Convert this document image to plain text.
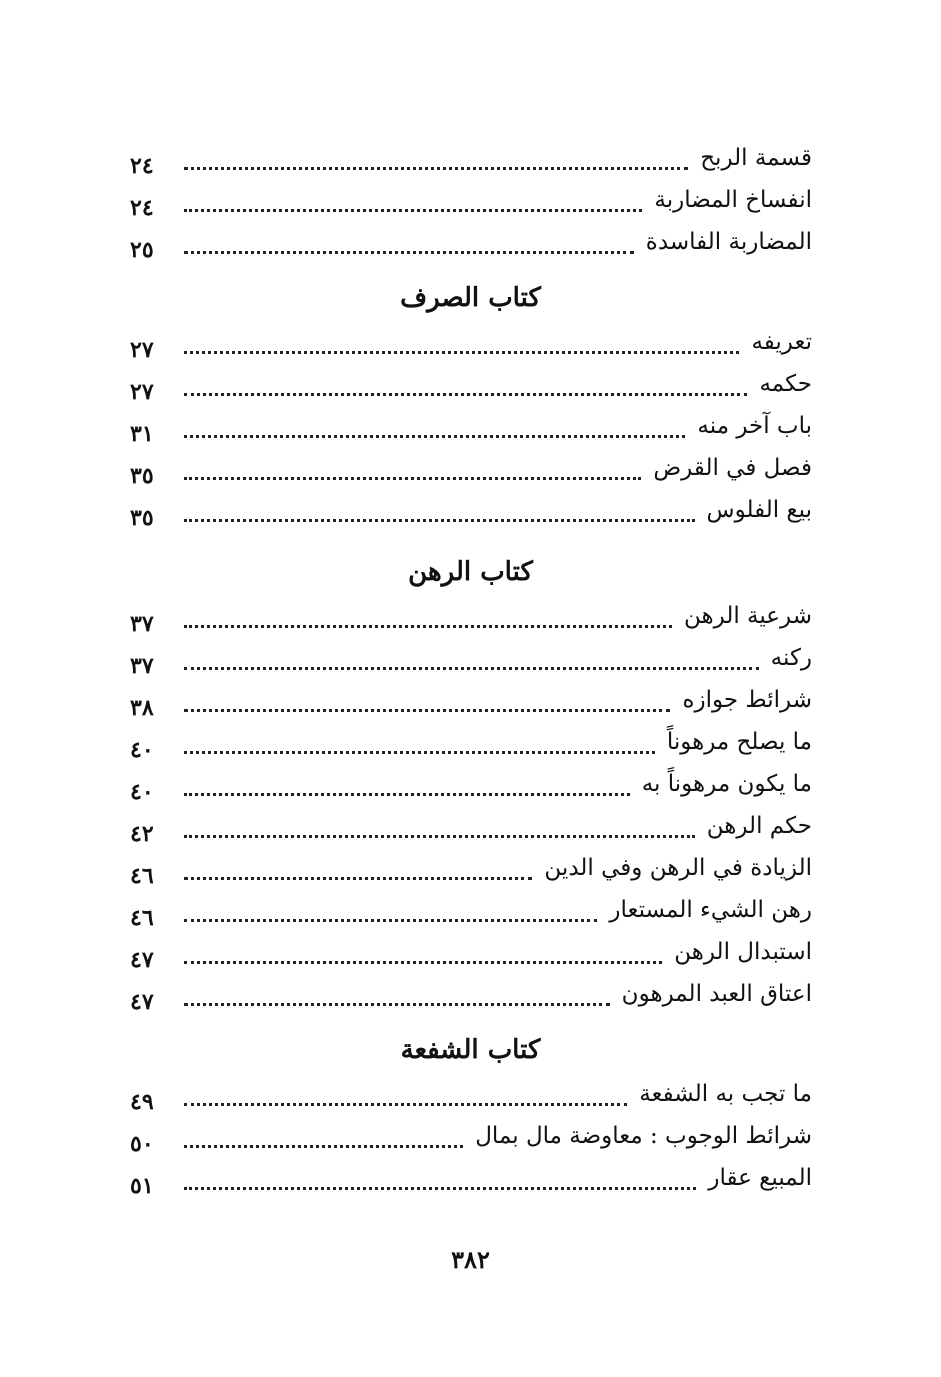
قسمة الربح
٢٤
انفساخ المضاربة
٢٤
المضاربة الفاسدة
٢٥
كتاب الصرف
تعريفه
٢٧
حكمه
٢٧
باب آخر منه
٣١
فصل في القرض
٣٥
بيع الفلوس
٣٥
كتاب الرهن
شرعية الرهن
٣٧
ركنه
٣٧
شرائط جوازه
٣٨
ما يصلح مرهوناً
٤٠
ما يكون مرهوناً به
٤٠
حكم الرهن
٤٢
الزيادة في الرهن وفي الدين
٤٦
رهن الشيء المستعار
٤٦
استبدال الرهن
٤٧
اعتاق العبد المرهون
٤٧
كتاب الشفعة
ما تجب به الشفعة
٤٩
شرائط الوجوب : معاوضة مال بمال
٥٠
المبيع عقار
٥١
٣٨٢
